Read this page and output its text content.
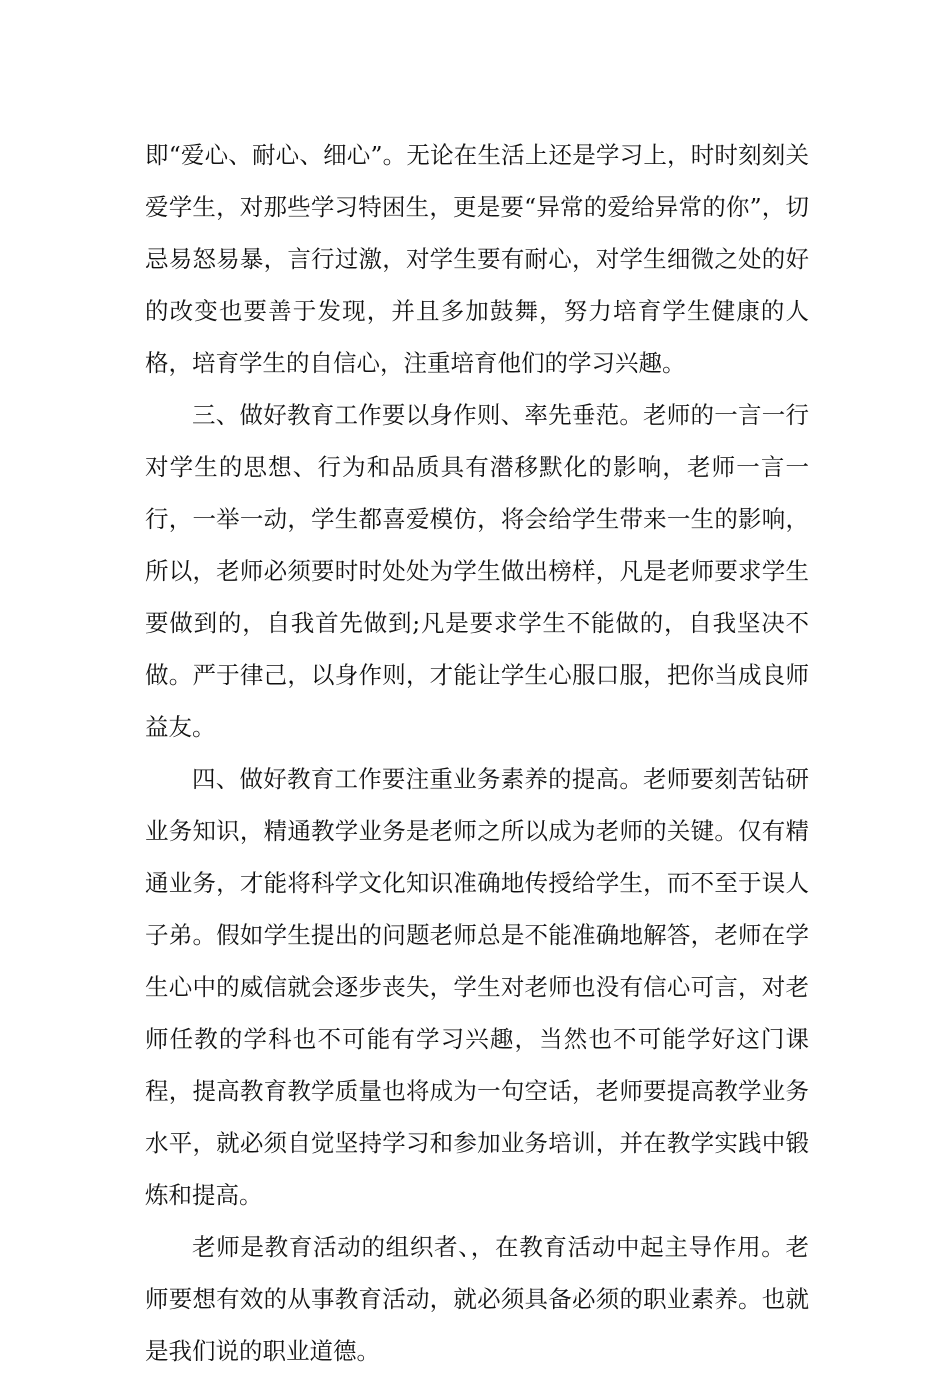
即“爱心、耐心、细心”。无论在生活上还是学习上，时时刻刻关爱学生，对那些学习特困生，更是要“异常的爱给异常的你”，切忌易怒易暴，言行过激，对学生要有耐心，对学生细微之处的好的改变也要善于发现，并且多加鼓舞，努力培育学生健康的人格，培育学生的自信心，注重培育他们的学习兴趣。

三、做好教育工作要以身作则、率先垂范。老师的一言一行对学生的思想、行为和品质具有潜移默化的影响，老师一言一行，一举一动，学生都喜爱模仿，将会给学生带来一生的影响，所以，老师必须要时时处处为学生做出榜样，凡是老师要求学生要做到的，自我首先做到;凡是要求学生不能做的，自我坚决不做。严于律己，以身作则，才能让学生心服口服，把你当成良师益友。

四、做好教育工作要注重业务素养的提高。老师要刻苦钻研业务知识，精通教学业务是老师之所以成为老师的关键。仅有精通业务，才能将科学文化知识准确地传授给学生，而不至于误人子弟。假如学生提出的问题老师总是不能准确地解答，老师在学生心中的威信就会逐步丧失，学生对老师也没有信心可言，对老师任教的学科也不可能有学习兴趣，当然也不可能学好这门课程，提高教育教学质量也将成为一句空话，老师要提高教学业务水平，就必须自觉坚持学习和参加业务培训，并在教学实践中锻炼和提高。

老师是教育活动的组织者、，在教育活动中起主导作用。老师要想有效的从事教育活动，就必须具备必须的职业素养。也就是我们说的职业道德。
